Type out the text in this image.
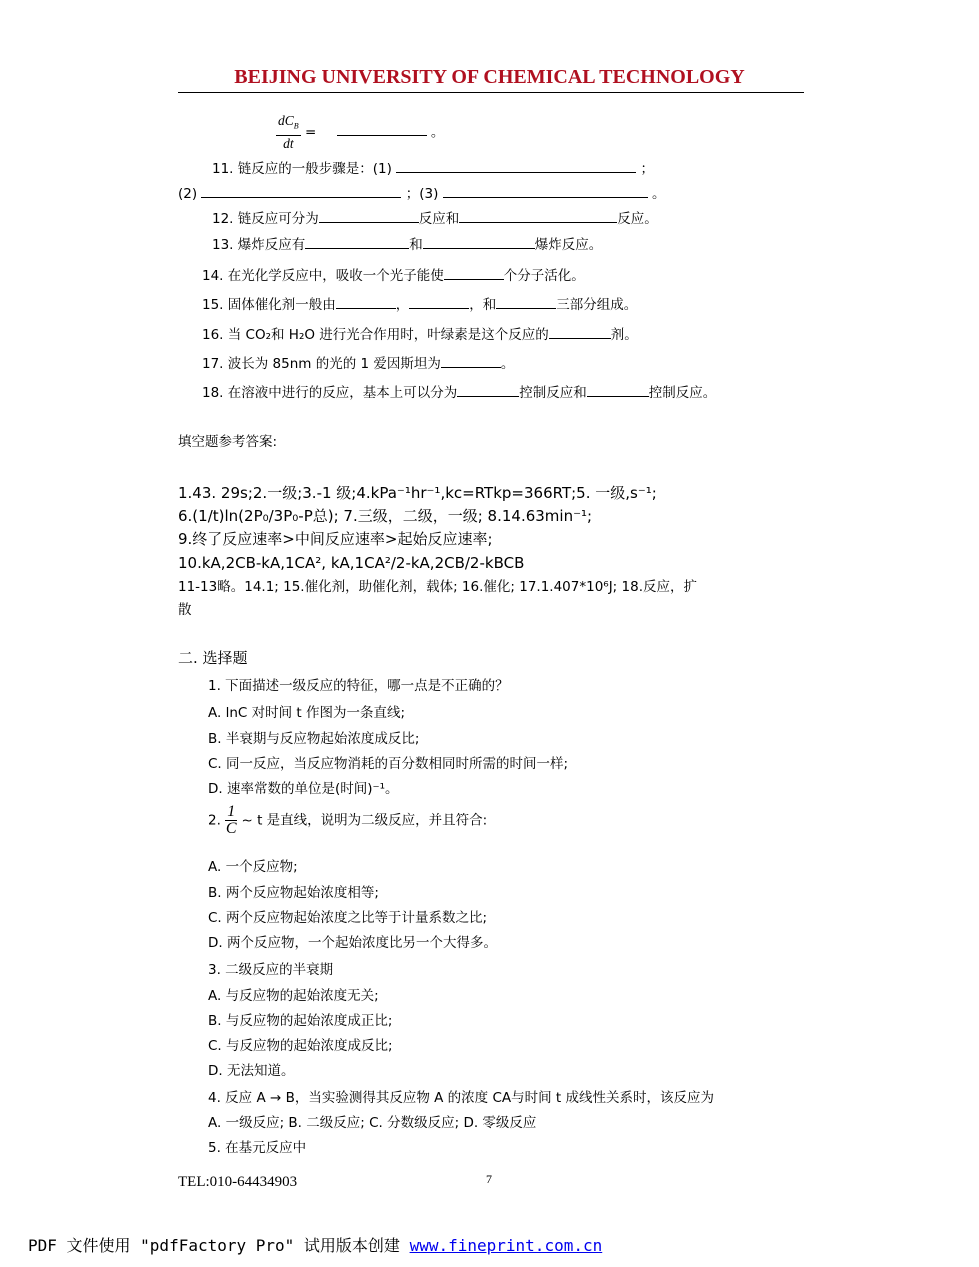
BEIJING UNIVERSITY OF CHEMICAL TECHNOLOGY
$\frac{dC_B}{dt}$ =	。
11. 链反应的一般步骤是：(1)	；
(2)	；(3)	。
12. 链反应可分为	反应和	反应。
13. 爆炸反应有	和	爆炸反应。
14. 在光化学反应中，吸收一个光子能使	个分子活化。
15. 固体催化剂一般由	，	，和	三部分组成。
16. 当 CO₂和 H₂O 进行光合作用时，叶绿素是这个反应的	剂。
17. 波长为 85nm 的光的 1 爱因斯坦为	。
18. 在溶液中进行的反应，基本上可以分为	控制反应和	控制反应。
填空题参考答案:
1.43. 29s;2.一级;3.-1 级;4.kPa⁻¹hr⁻¹,kc=RTkp=366RT;5. 一级,s⁻¹;
6.(1/t)ln(2P₀/3P₀-P总); 7.三级，二级，一级; 8.14.63min⁻¹;
9.终了反应速率>中间反应速率>起始反应速率;
10.kA,2CB-kA,1CA², kA,1CA²/2-kA,2CB/2-kBCB
11-13略。14.1; 15.催化剂，助催化剂，载体; 16.催化; 17.1.407*10⁶J; 18.反应，扩
散
二. 选择题
1. 下面描述一级反应的特征，哪一点是不正确的？
A. lnC 对时间 t 作图为一条直线;
B. 半衰期与反应物起始浓度成反比;
C. 同一反应，当反应物消耗的百分数相同时所需的时间一样;
D. 速率常数的单位是(时间)⁻¹。
2. $\frac{1}{C}$ ~ t 是直线，说明为二级反应，并且符合:
A. 一个反应物;
B. 两个反应物起始浓度相等;
C. 两个反应物起始浓度之比等于计量系数之比;
D. 两个反应物，一个起始浓度比另一个大得多。
3. 二级反应的半衰期
A. 与反应物的起始浓度无关;
B. 与反应物的起始浓度成正比;
C. 与反应物的起始浓度成反比;
D. 无法知道。
4. 反应 A → B，当实验测得其反应物 A 的浓度 CA与时间 t 成线性关系时，该反应为
A. 一级反应; B. 二级反应; C. 分数级反应; D. 零级反应
5. 在基元反应中
TEL:010-64434903	7
PDF 文件使用 "pdfFactory Pro" 试用版本创建 www.fineprint.com.cn
